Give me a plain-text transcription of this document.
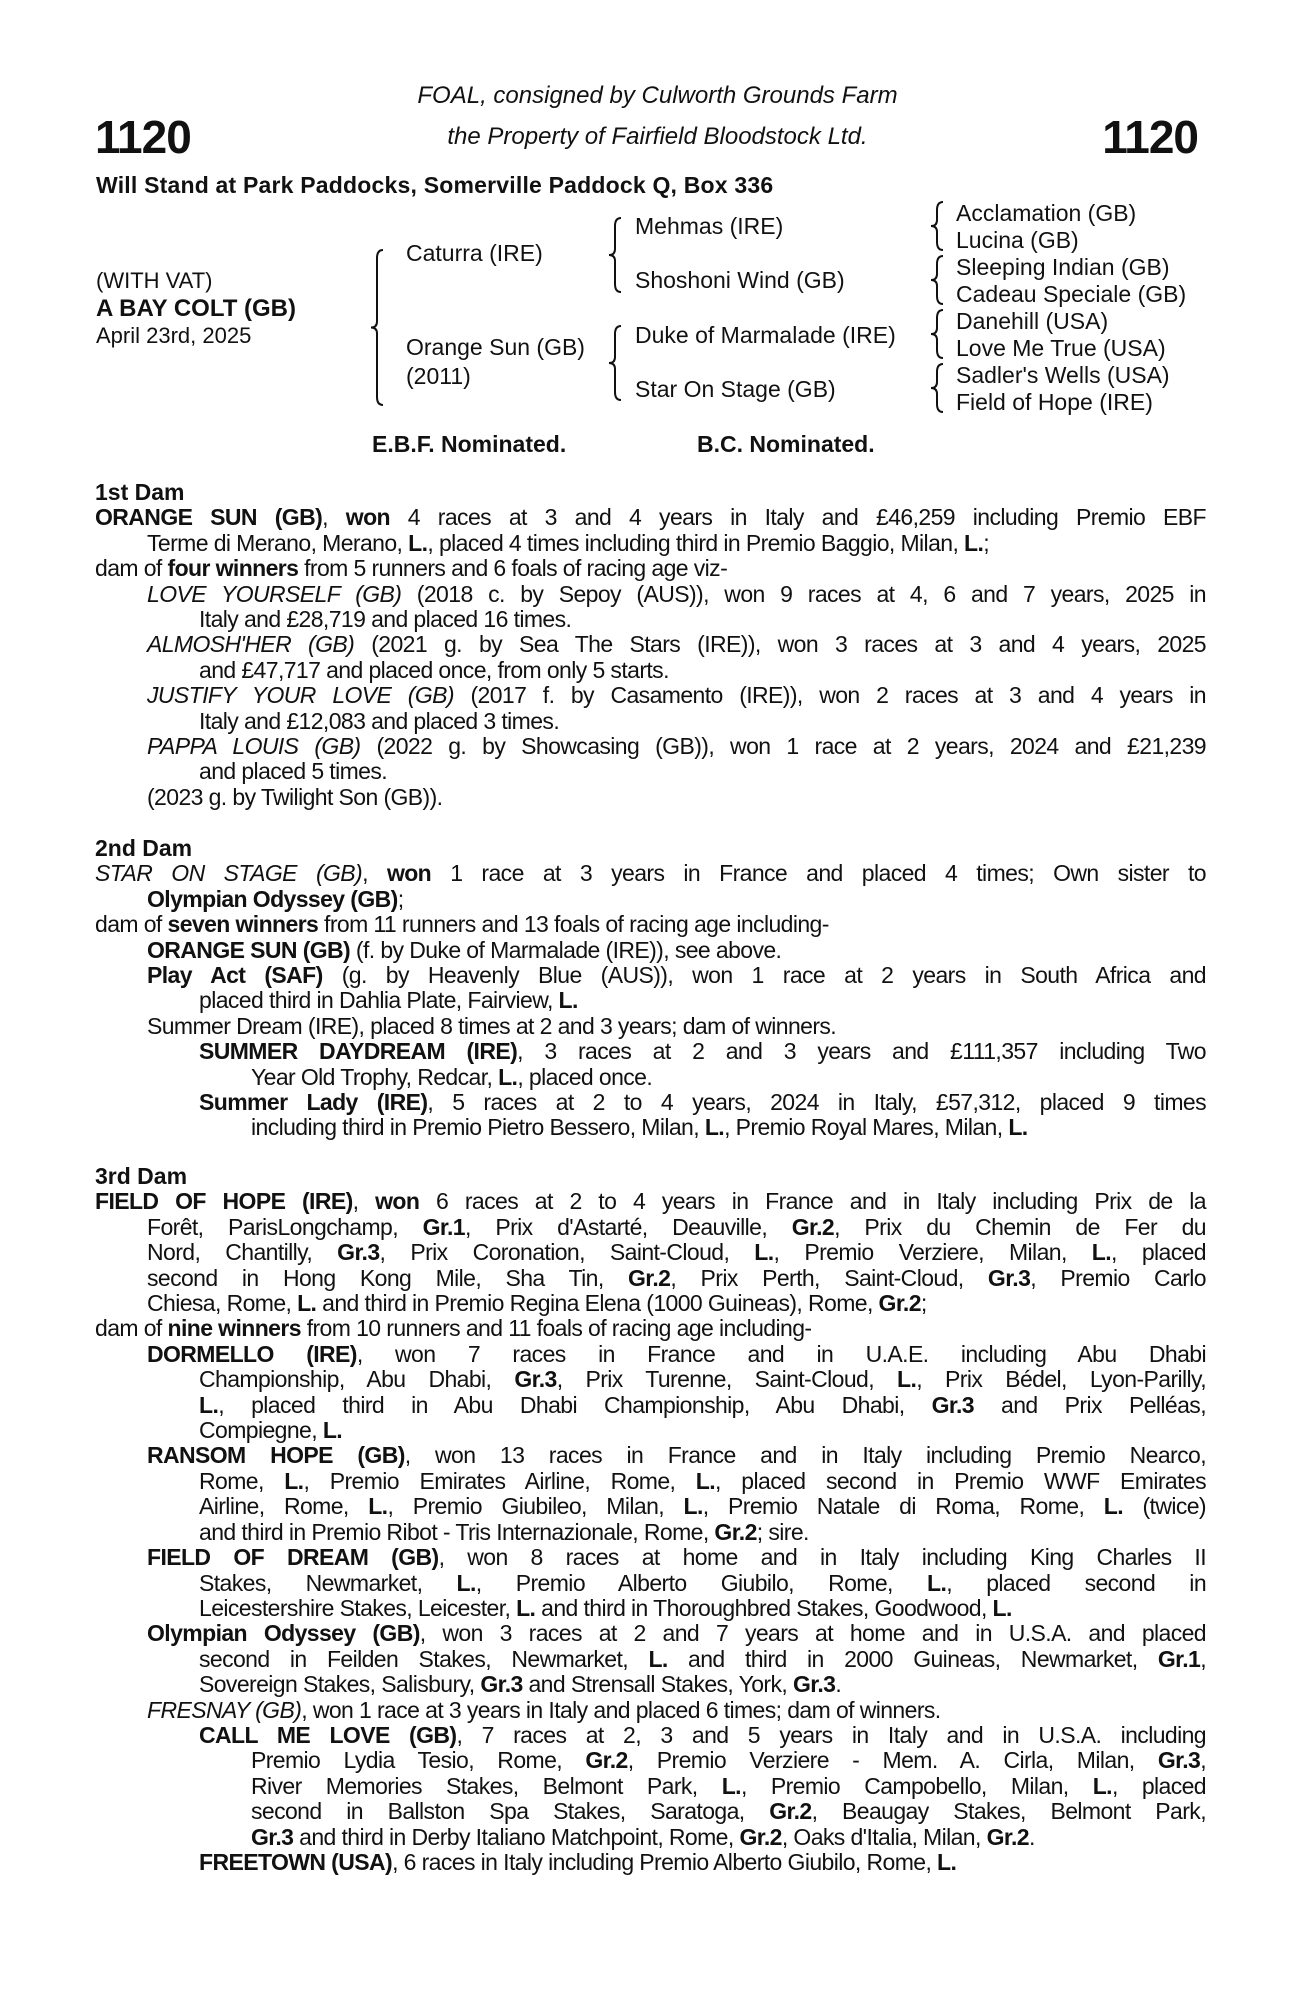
1120	1120
FOAL, consigned by Culworth Grounds Farm
the Property of Fairfield Bloodstock Ltd.
Will Stand at Park Paddocks, Somerville Paddock Q, Box 336
(WITH VAT)
A BAY COLT (GB)
April 23rd, 2025
Caturra (IRE)
Orange Sun (GB)
(2011)
Mehmas (IRE)
Shoshoni Wind (GB)
Duke of Marmalade (IRE)
Star On Stage (GB)
Acclamation (GB)
Lucina (GB)
Sleeping Indian (GB)
Cadeau Speciale (GB)
Danehill (USA)
Love Me True (USA)
Sadler's Wells (USA)
Field of Hope (IRE)
E.B.F. Nominated.	B.C. Nominated.
1st Dam
ORANGE SUN (GB), won 4 races at 3 and 4 years in Italy and £46,259 including Premio EBF
Terme di Merano, Merano, L., placed 4 times including third in Premio Baggio, Milan, L.;
dam of four winners from 5 runners and 6 foals of racing age viz-
LOVE YOURSELF (GB) (2018 c. by Sepoy (AUS)), won 9 races at 4, 6 and 7 years, 2025 in
Italy and £28,719 and placed 16 times.
ALMOSH'HER (GB) (2021 g. by Sea The Stars (IRE)), won 3 races at 3 and 4 years, 2025
and £47,717 and placed once, from only 5 starts.
JUSTIFY YOUR LOVE (GB) (2017 f. by Casamento (IRE)), won 2 races at 3 and 4 years in
Italy and £12,083 and placed 3 times.
PAPPA LOUIS (GB) (2022 g. by Showcasing (GB)), won 1 race at 2 years, 2024 and £21,239
and placed 5 times.
(2023 g. by Twilight Son (GB)).
2nd Dam
STAR ON STAGE (GB), won 1 race at 3 years in France and placed 4 times; Own sister to
Olympian Odyssey (GB);
dam of seven winners from 11 runners and 13 foals of racing age including-
ORANGE SUN (GB) (f. by Duke of Marmalade (IRE)), see above.
Play Act (SAF) (g. by Heavenly Blue (AUS)), won 1 race at 2 years in South Africa and
placed third in Dahlia Plate, Fairview, L.
Summer Dream (IRE), placed 8 times at 2 and 3 years; dam of winners.
SUMMER DAYDREAM (IRE), 3 races at 2 and 3 years and £111,357 including Two
Year Old Trophy, Redcar, L., placed once.
Summer Lady (IRE), 5 races at 2 to 4 years, 2024 in Italy, £57,312, placed 9 times
including third in Premio Pietro Bessero, Milan, L., Premio Royal Mares, Milan, L.
3rd Dam
FIELD OF HOPE (IRE), won 6 races at 2 to 4 years in France and in Italy including Prix de la
Forêt, ParisLongchamp, Gr.1, Prix d'Astarté, Deauville, Gr.2, Prix du Chemin de Fer du
Nord, Chantilly, Gr.3, Prix Coronation, Saint-Cloud, L., Premio Verziere, Milan, L., placed
second in Hong Kong Mile, Sha Tin, Gr.2, Prix Perth, Saint-Cloud, Gr.3, Premio Carlo
Chiesa, Rome, L. and third in Premio Regina Elena (1000 Guineas), Rome, Gr.2;
dam of nine winners from 10 runners and 11 foals of racing age including-
DORMELLO (IRE), won 7 races in France and in U.A.E. including Abu Dhabi
Championship, Abu Dhabi, Gr.3, Prix Turenne, Saint-Cloud, L., Prix Bédel, Lyon-Parilly,
L., placed third in Abu Dhabi Championship, Abu Dhabi, Gr.3 and Prix Pelléas,
Compiegne, L.
RANSOM HOPE (GB), won 13 races in France and in Italy including Premio Nearco,
Rome, L., Premio Emirates Airline, Rome, L., placed second in Premio WWF Emirates
Airline, Rome, L., Premio Giubileo, Milan, L., Premio Natale di Roma, Rome, L. (twice)
and third in Premio Ribot - Tris Internazionale, Rome, Gr.2; sire.
FIELD OF DREAM (GB), won 8 races at home and in Italy including King Charles II
Stakes, Newmarket, L., Premio Alberto Giubilo, Rome, L., placed second in
Leicestershire Stakes, Leicester, L. and third in Thoroughbred Stakes, Goodwood, L.
Olympian Odyssey (GB), won 3 races at 2 and 7 years at home and in U.S.A. and placed
second in Feilden Stakes, Newmarket, L. and third in 2000 Guineas, Newmarket, Gr.1,
Sovereign Stakes, Salisbury, Gr.3 and Strensall Stakes, York, Gr.3.
FRESNAY (GB), won 1 race at 3 years in Italy and placed 6 times; dam of winners.
CALL ME LOVE (GB), 7 races at 2, 3 and 5 years in Italy and in U.S.A. including
Premio Lydia Tesio, Rome, Gr.2, Premio Verziere - Mem. A. Cirla, Milan, Gr.3,
River Memories Stakes, Belmont Park, L., Premio Campobello, Milan, L., placed
second in Ballston Spa Stakes, Saratoga, Gr.2, Beaugay Stakes, Belmont Park,
Gr.3 and third in Derby Italiano Matchpoint, Rome, Gr.2, Oaks d'Italia, Milan, Gr.2.
FREETOWN (USA), 6 races in Italy including Premio Alberto Giubilo, Rome, L.
